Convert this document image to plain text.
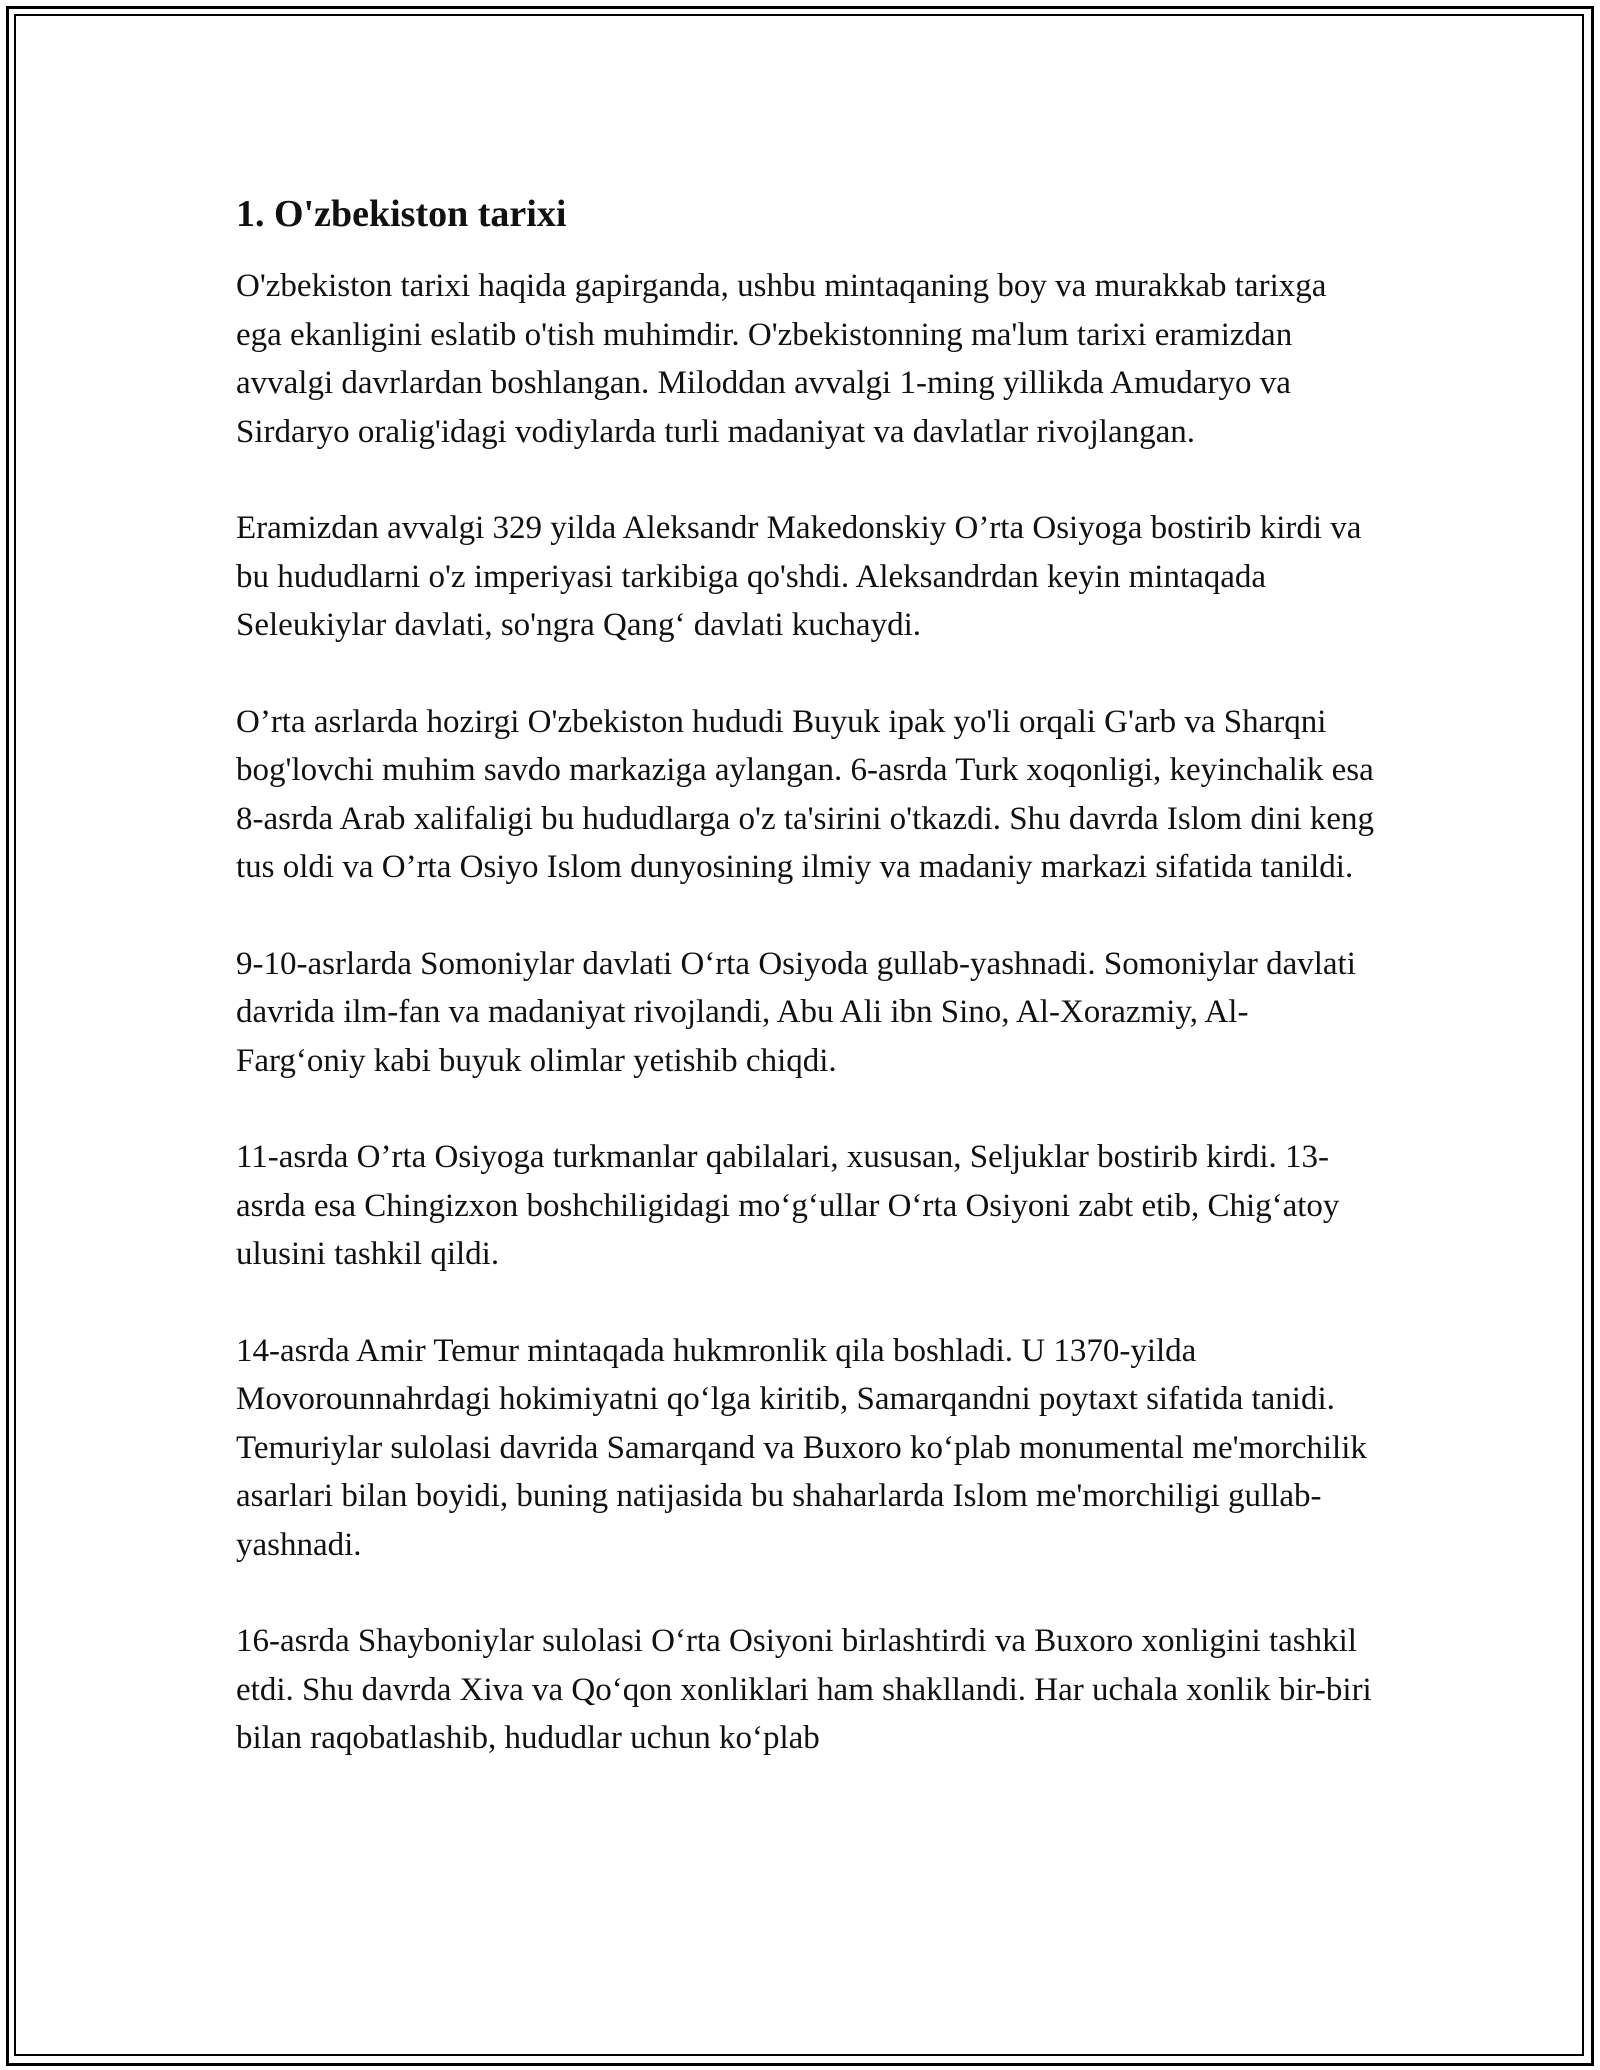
1. O'zbekiston tarixi

O'zbekiston tarixi haqida gapirganda, ushbu mintaqaning boy va murakkab tarixga ega ekanligini eslatib o'tish muhimdir. O'zbekistonning ma'lum tarixi eramizdan avvalgi davrlardan boshlangan. Miloddan avvalgi 1-ming yillikda Amudaryo va Sirdaryo oralig'idagi vodiylarda turli madaniyat va davlatlar rivojlangan.

Eramizdan avvalgi 329 yilda Aleksandr Makedonskiy O’rta Osiyoga bostirib kirdi va bu hududlarni o'z imperiyasi tarkibiga qo'shdi. Aleksandrdan keyin mintaqada Seleukiylar davlati, so'ngra Qangʻ davlati kuchaydi.

O’rta asrlarda hozirgi O'zbekiston hududi Buyuk ipak yo'li orqali G'arb va Sharqni bog'lovchi muhim savdo markaziga aylangan. 6-asrda Turk xoqonligi, keyinchalik esa 8-asrda Arab xalifaligi bu hududlarga o'z ta'sirini o'tkazdi. Shu davrda Islom dini keng tus oldi va O’rta Osiyo Islom dunyosining ilmiy va madaniy markazi sifatida tanildi.

9-10-asrlarda Somoniylar davlati Oʻrta Osiyoda gullab-yashnadi. Somoniylar davlati davrida ilm-fan va madaniyat rivojlandi, Abu Ali ibn Sino, Al-Xorazmiy, Al-Fargʻoniy kabi buyuk olimlar yetishib chiqdi.

11-asrda O’rta Osiyoga turkmanlar qabilalari, xususan, Seljuklar bostirib kirdi. 13-asrda esa Chingizxon boshchiligidagi moʻgʻullar Oʻrta Osiyoni zabt etib, Chigʻatoy ulusini tashkil qildi.

14-asrda Amir Temur mintaqada hukmronlik qila boshladi. U 1370-yilda Movorounnahrdagi hokimiyatni qoʻlga kiritib, Samarqandni poytaxt sifatida tanidi. Temuriylar sulolasi davrida Samarqand va Buxoro koʻplab monumental me'morchilik asarlari bilan boyidi, buning natijasida bu shaharlarda Islom me'morchiligi gullab-yashnadi.

16-asrda Shayboniylar sulolasi Oʻrta Osiyoni birlashtirdi va Buxoro xonligini tashkil etdi. Shu davrda Xiva va Qoʻqon xonliklari ham shakllandi. Har uchala xonlik bir-biri bilan raqobatlashib, hududlar uchun koʻplab
